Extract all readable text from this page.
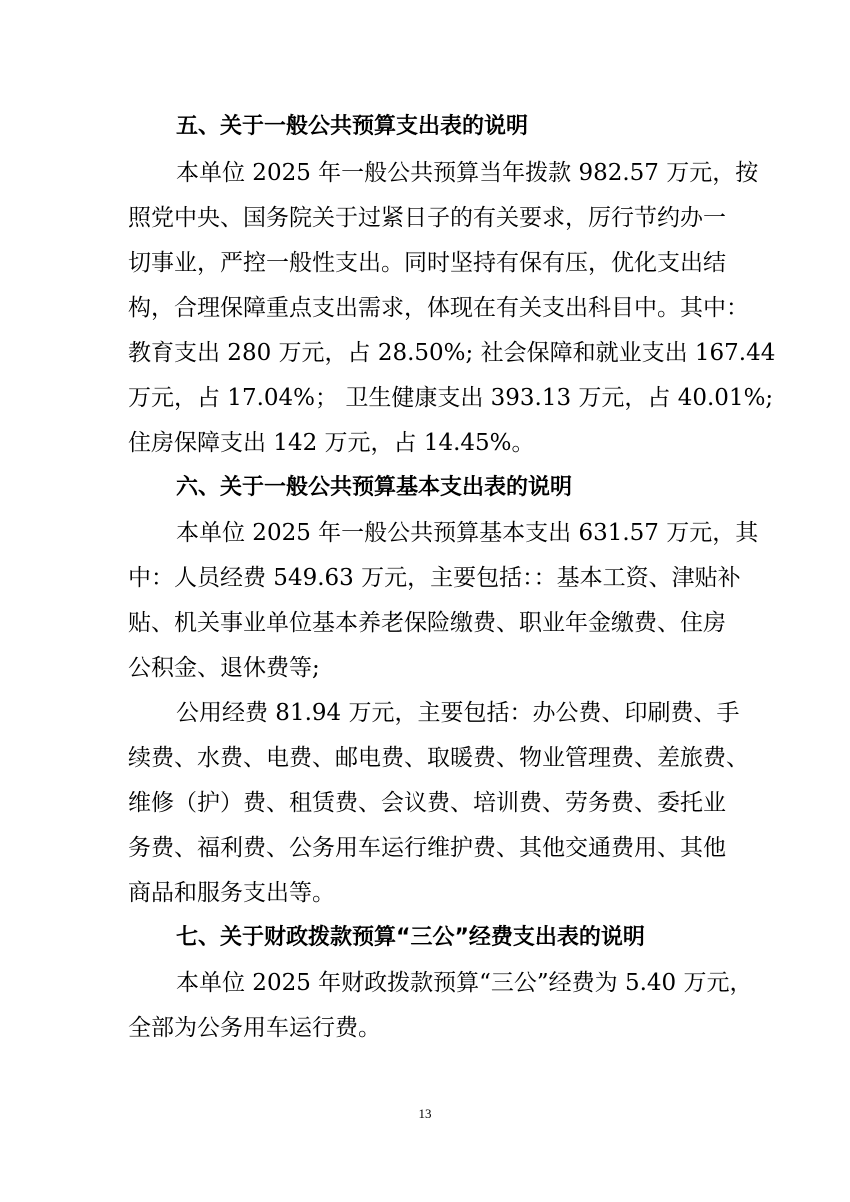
五、关于一般公共预算支出表的说明
本单位 2025 年一般公共预算当年拨款 982.57 万元，按
照党中央、国务院关于过紧日子的有关要求，厉行节约办一
切事业，严控一般性支出。同时坚持有保有压，优化支出结
构，合理保障重点支出需求，体现在有关支出科目中。其中：
教育支出 280 万元，占 28.50%; 社会保障和就业支出 167.44
万元，占 17.04%； 卫生健康支出 393.13 万元，占 40.01%;
住房保障支出 142 万元，占 14.45%。
六、关于一般公共预算基本支出表的说明
本单位 2025 年一般公共预算基本支出 631.57 万元，其
中：人员经费 549.63 万元，主要包括：：基本工资、津贴补
贴、机关事业单位基本养老保险缴费、职业年金缴费、住房
公积金、退休费等;
公用经费 81.94 万元，主要包括：办公费、印刷费、手
续费、水费、电费、邮电费、取暖费、物业管理费、差旅费、
维修（护）费、租赁费、会议费、培训费、劳务费、委托业
务费、福利费、公务用车运行维护费、其他交通费用、其他
商品和服务支出等。
七、关于财政拨款预算“三公”经费支出表的说明
本单位 2025 年财政拨款预算“三公”经费为 5.40 万元，
全部为公务用车运行费。
13
